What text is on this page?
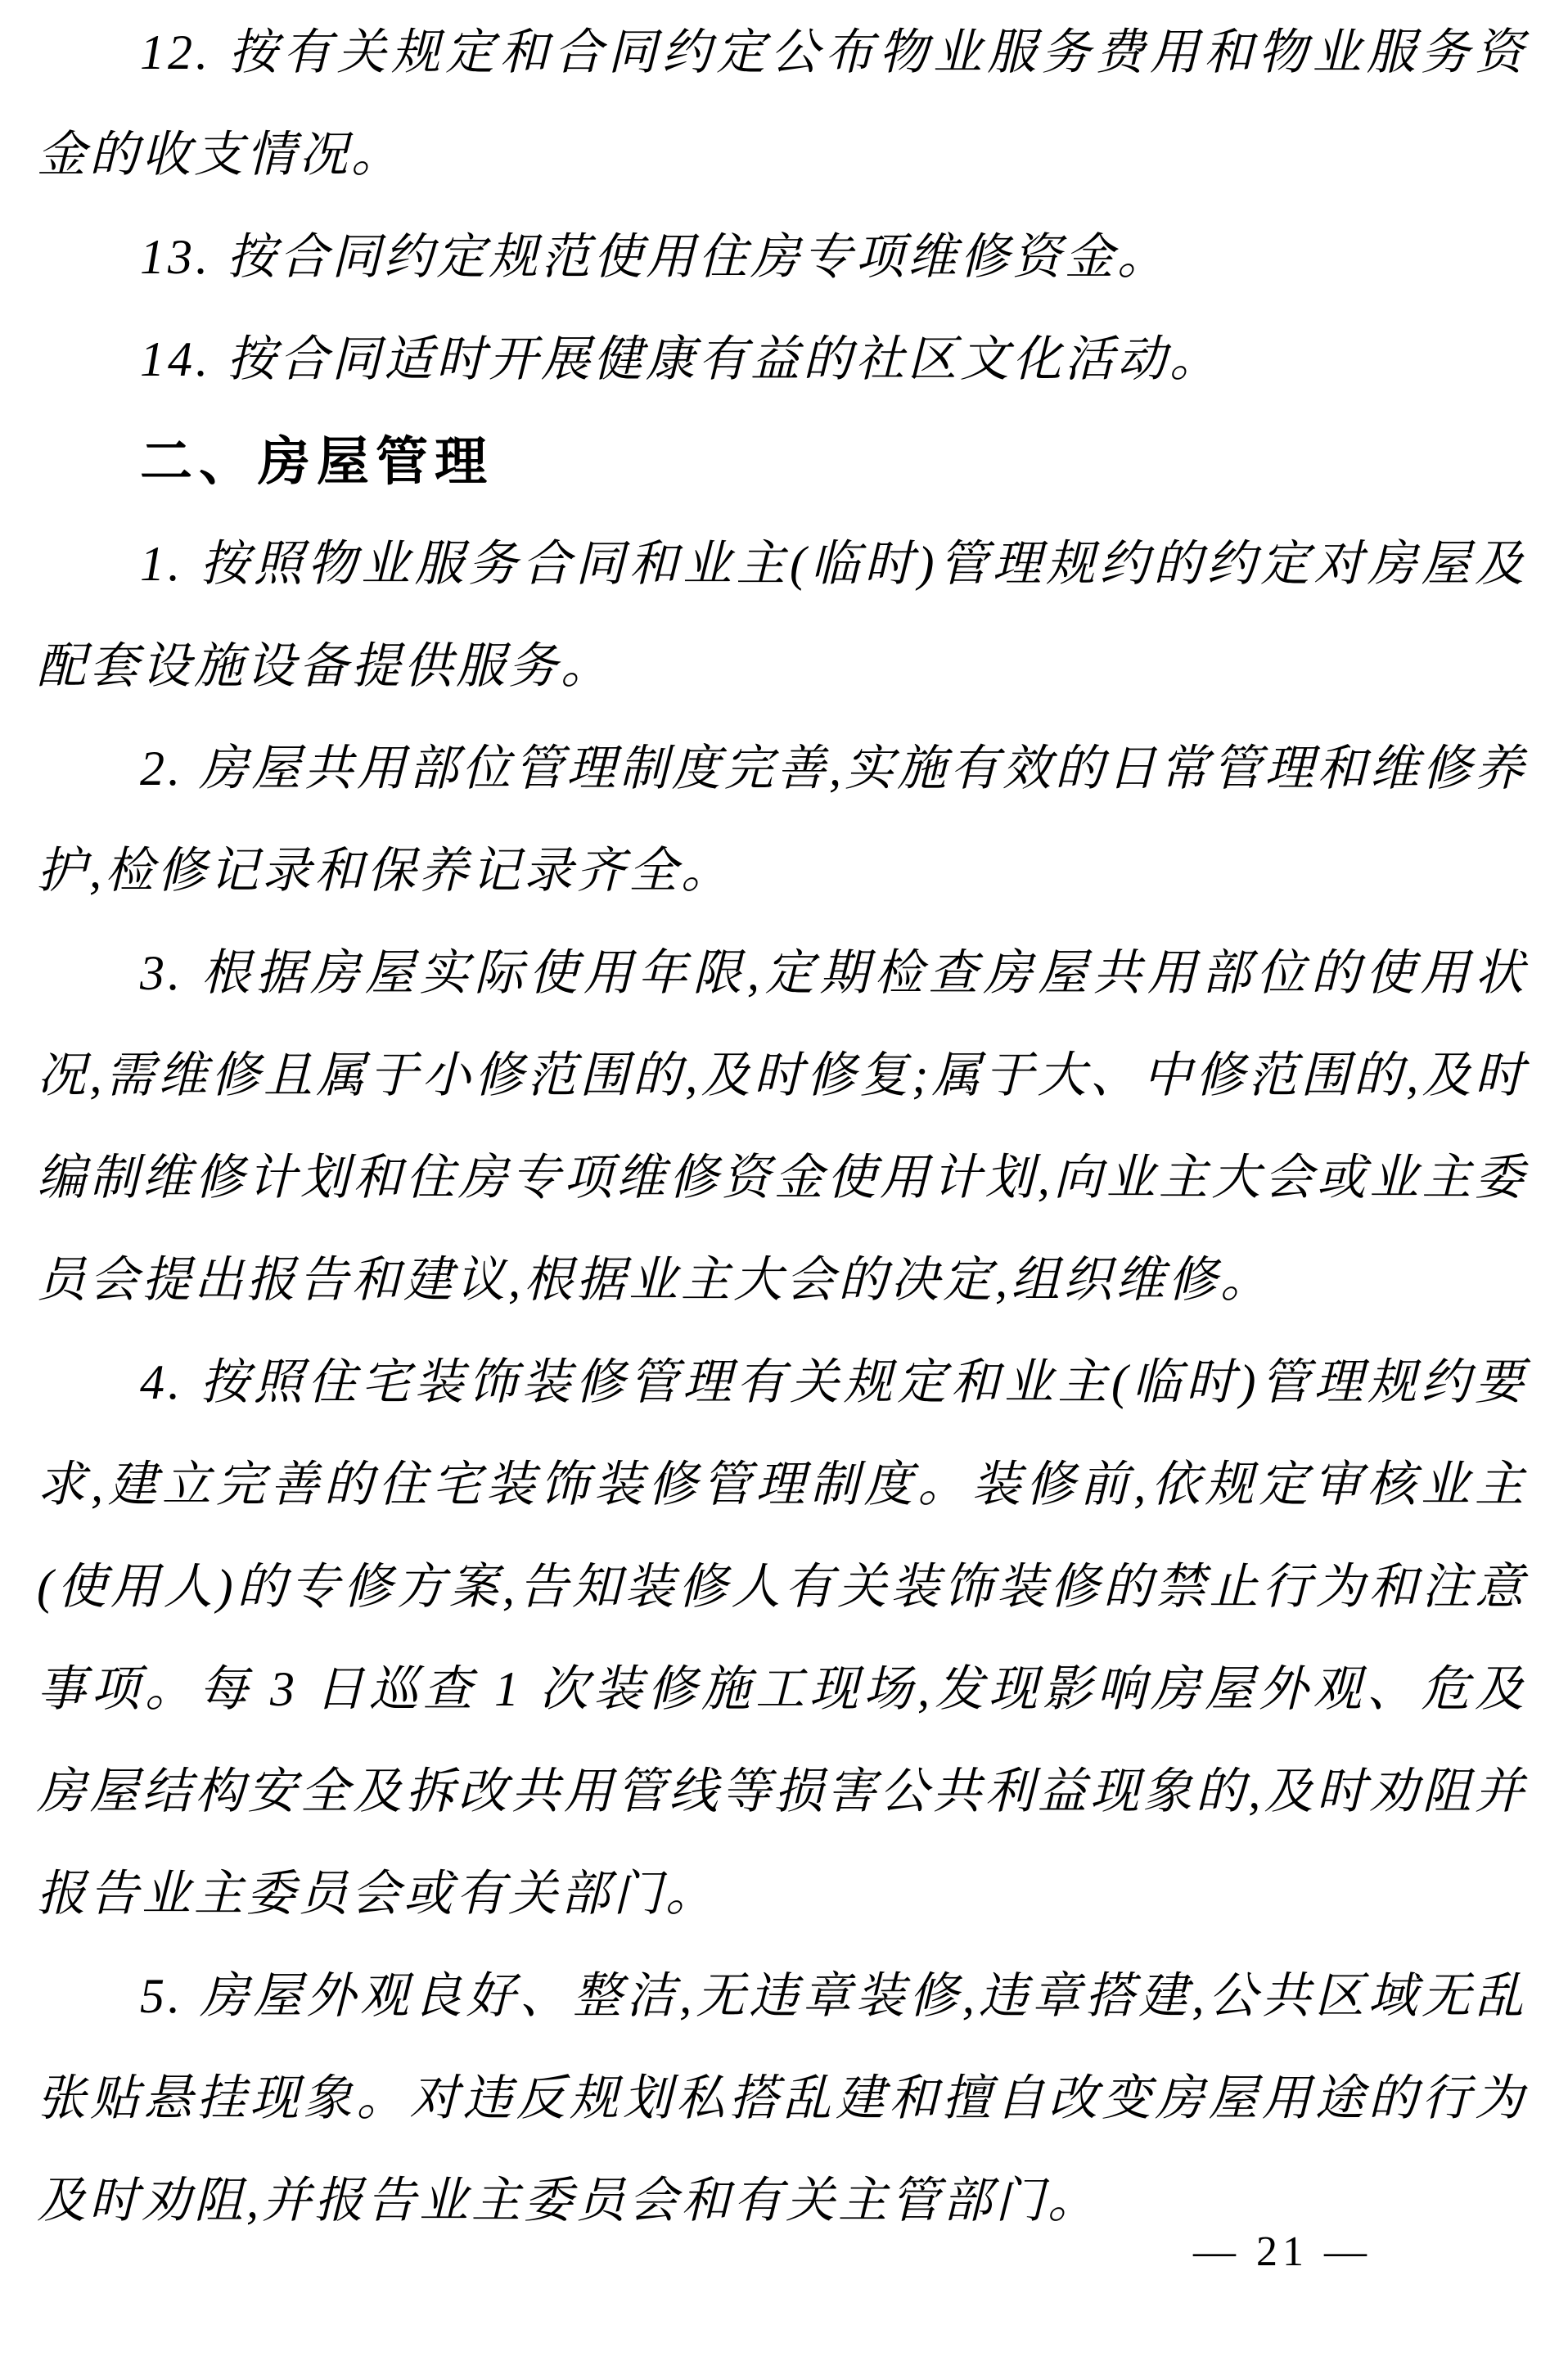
12. 按有关规定和合同约定公布物业服务费用和物业服务资金的收支情况。

13. 按合同约定规范使用住房专项维修资金。

14. 按合同适时开展健康有益的社区文化活动。

二、房屋管理

1. 按照物业服务合同和业主(临时)管理规约的约定对房屋及配套设施设备提供服务。

2. 房屋共用部位管理制度完善,实施有效的日常管理和维修养护,检修记录和保养记录齐全。

3. 根据房屋实际使用年限,定期检查房屋共用部位的使用状况,需维修且属于小修范围的,及时修复;属于大、中修范围的,及时编制维修计划和住房专项维修资金使用计划,向业主大会或业主委员会提出报告和建议,根据业主大会的决定,组织维修。

4. 按照住宅装饰装修管理有关规定和业主(临时)管理规约要求,建立完善的住宅装饰装修管理制度。装修前,依规定审核业主(使用人)的专修方案,告知装修人有关装饰装修的禁止行为和注意事项。每 3 日巡查 1 次装修施工现场,发现影响房屋外观、危及房屋结构安全及拆改共用管线等损害公共利益现象的,及时劝阻并报告业主委员会或有关部门。

5. 房屋外观良好、整洁,无违章装修,违章搭建,公共区域无乱张贴悬挂现象。对违反规划私搭乱建和擅自改变房屋用途的行为及时劝阻,并报告业主委员会和有关主管部门。

— 21 —
